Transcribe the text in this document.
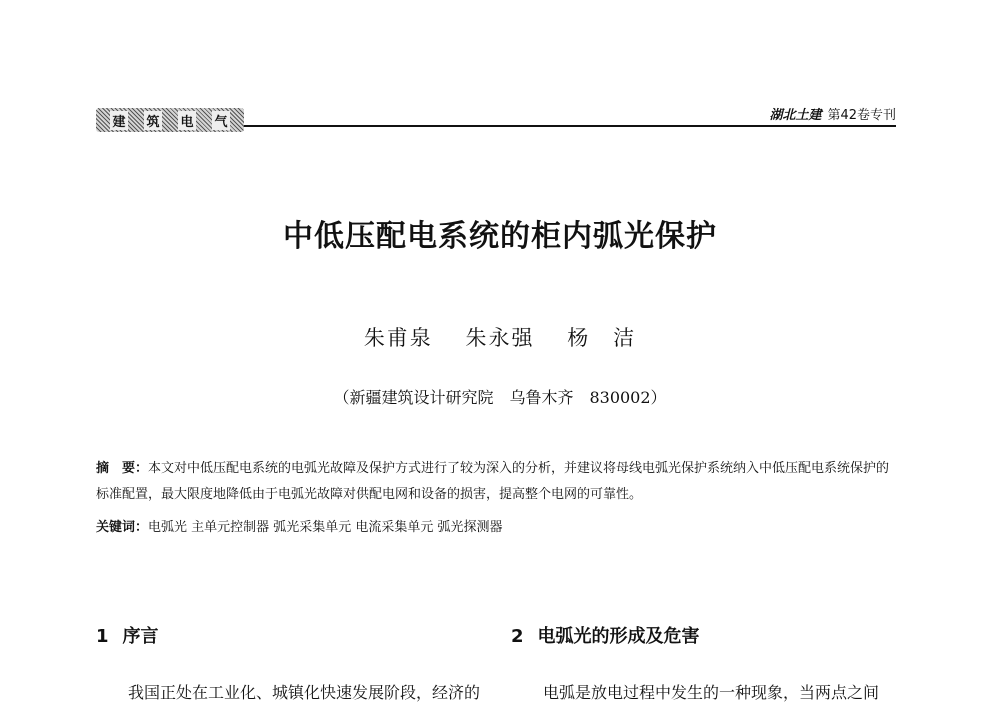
建 筑 电 气	湖北土建 第42卷专刊
中低压配电系统的柜内弧光保护
朱甫泉 朱永强 杨　洁
（新疆建筑设计研究院　乌鲁木齐　830002）
摘　要：本文对中低压配电系统的电弧光故障及保护方式进行了较为深入的分析，并建议将母线电弧光保护系统纳入中低压配电系统保护的标准配置，最大限度地降低由于电弧光故障对供配电网和设备的损害，提高整个电网的可靠性。
关键词：电弧光 主单元控制器 弧光采集单元 电流采集单元 弧光探测器
1 序言
我国正处在工业化、城镇化快速发展阶段，经济的
2 电弧光的形成及危害
电弧是放电过程中发生的一种现象，当两点之间
